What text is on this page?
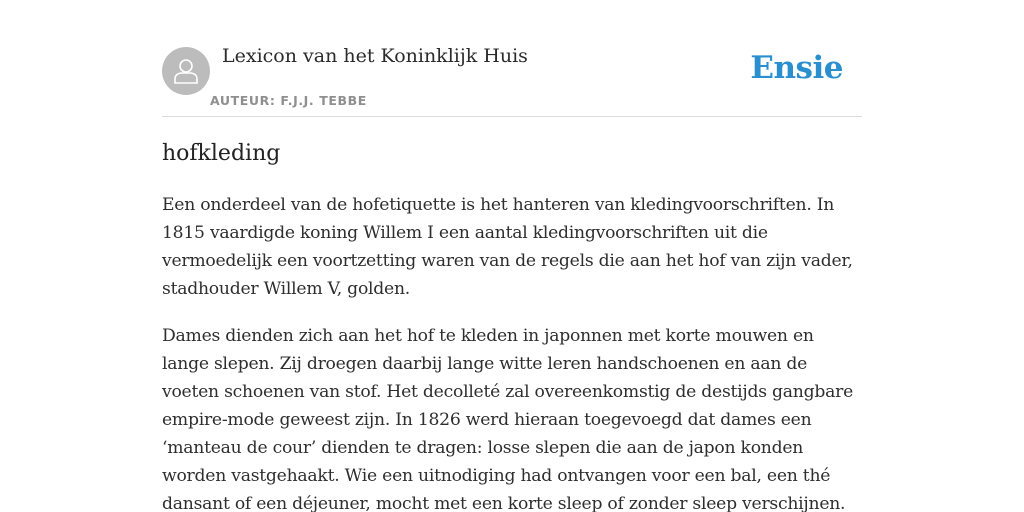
Lexicon van het Koninklijk Huis
AUTEUR: F.J.J. TEBBE
Ensie
hofkleding

Een onderdeel van de hofetiquette is het hanteren van kledingvoorschriften. In 1815 vaardigde koning Willem I een aantal kledingvoorschriften uit die vermoedelijk een voortzetting waren van de regels die aan het hof van zijn vader, stadhouder Willem V, golden.

Dames dienden zich aan het hof te kleden in japonnen met korte mouwen en lange slepen. Zij droegen daarbij lange witte leren handschoenen en aan de voeten schoenen van stof. Het decolleté zal overeenkomstig de destijds gangbare empire-mode geweest zijn. In 1826 werd hieraan toegevoegd dat dames een ‘manteau de cour’ dienden te dragen: losse slepen die aan de japon konden worden vastgehaakt. Wie een uitnodiging had ontvangen voor een bal, een thé dansant of een déjeuner, mocht met een korte sleep of zonder sleep verschijnen.
